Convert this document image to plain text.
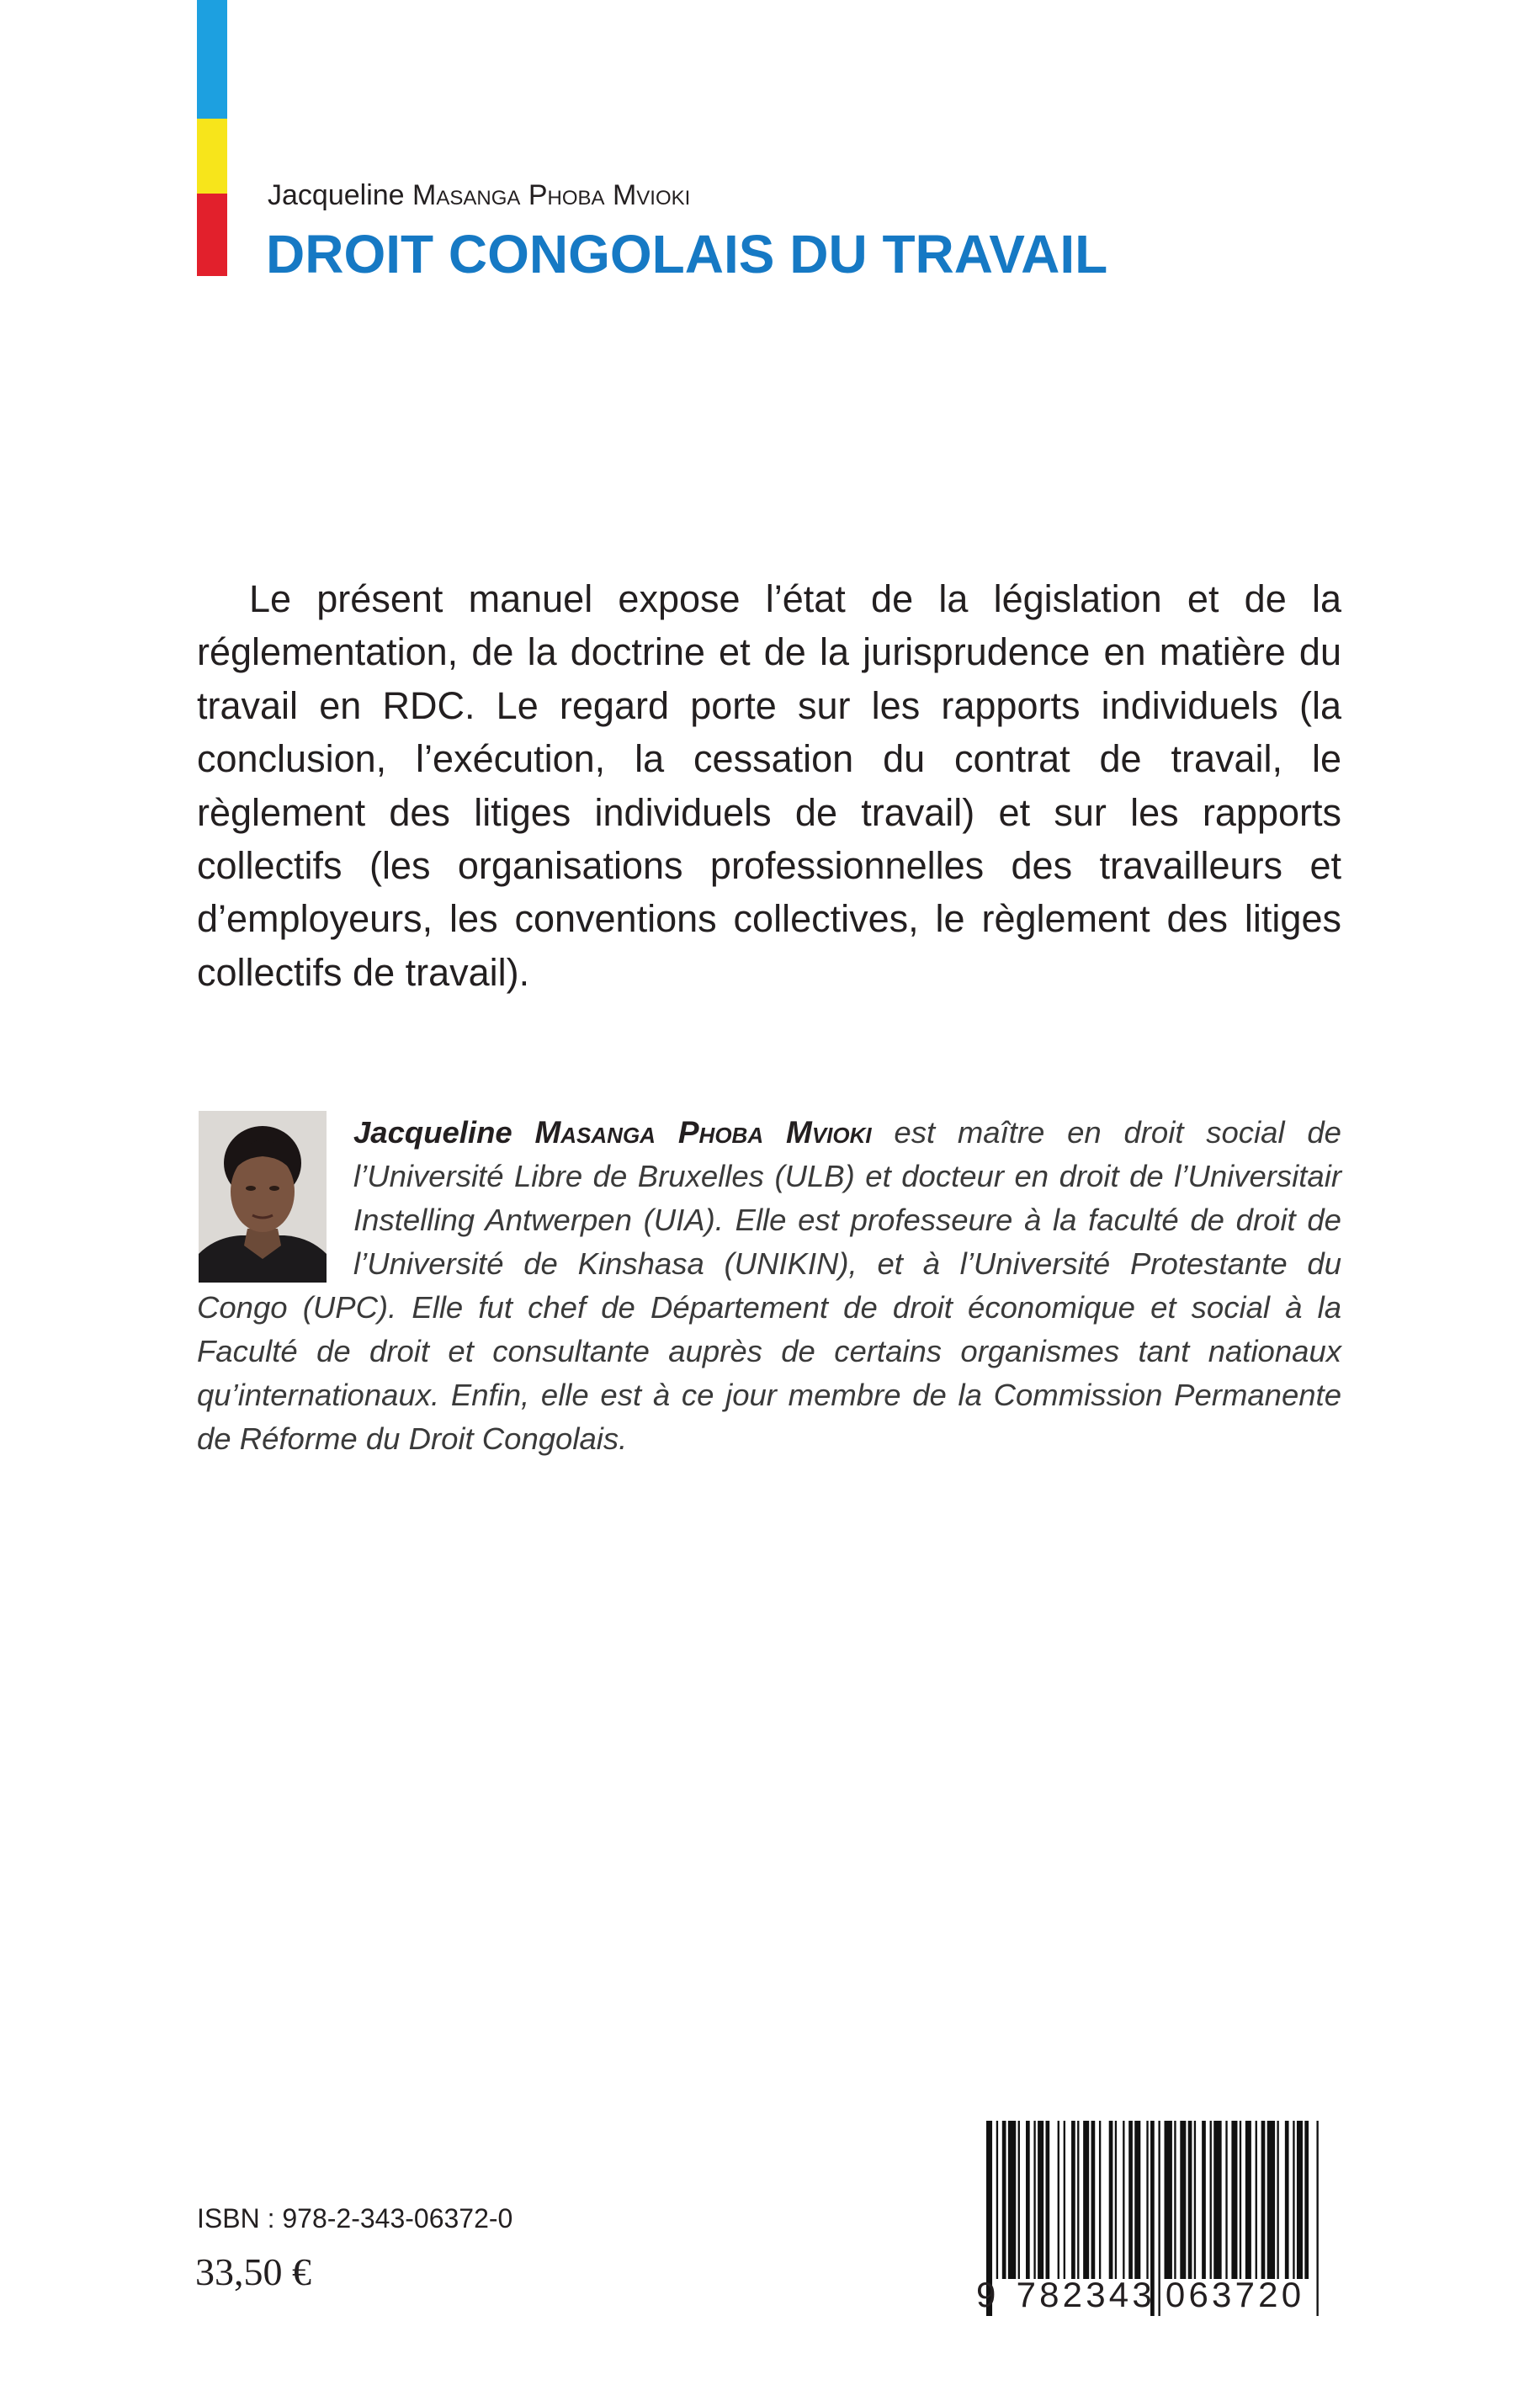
Jacqueline Masanga Phoba Mvioki
DROIT CONGOLAIS DU TRAVAIL

Le présent manuel expose l’état de la législation et de la réglementation, de la doctrine et de la jurisprudence en matière du travail en RDC. Le regard porte sur les rapports individuels (la conclusion, l’exécution, la cessation du contrat de travail, le règlement des litiges individuels de travail) et sur les rapports collectifs (les organisations professionnelles des travailleurs et d’employeurs, les conventions collectives, le règlement des litiges collectifs de travail).

Jacqueline Masanga Phoba Mvioki est maître en droit social de l’Université Libre de Bruxelles (ULB) et docteur en droit de l’Universitair Instelling Antwerpen (UIA). Elle est professeure à la faculté de droit de l’Université de Kinshasa (UNIKIN), et à l’Université Protestante du Congo (UPC). Elle fut chef de Département de droit économique et social à la Faculté de droit et consultante auprès de certains organismes tant nationaux qu’internationaux. Enfin, elle est à ce jour membre de la Commission Permanente de Réforme du Droit Congolais.

ISBN : 978-2-343-06372-0
33,50 €
9 782343 063720
